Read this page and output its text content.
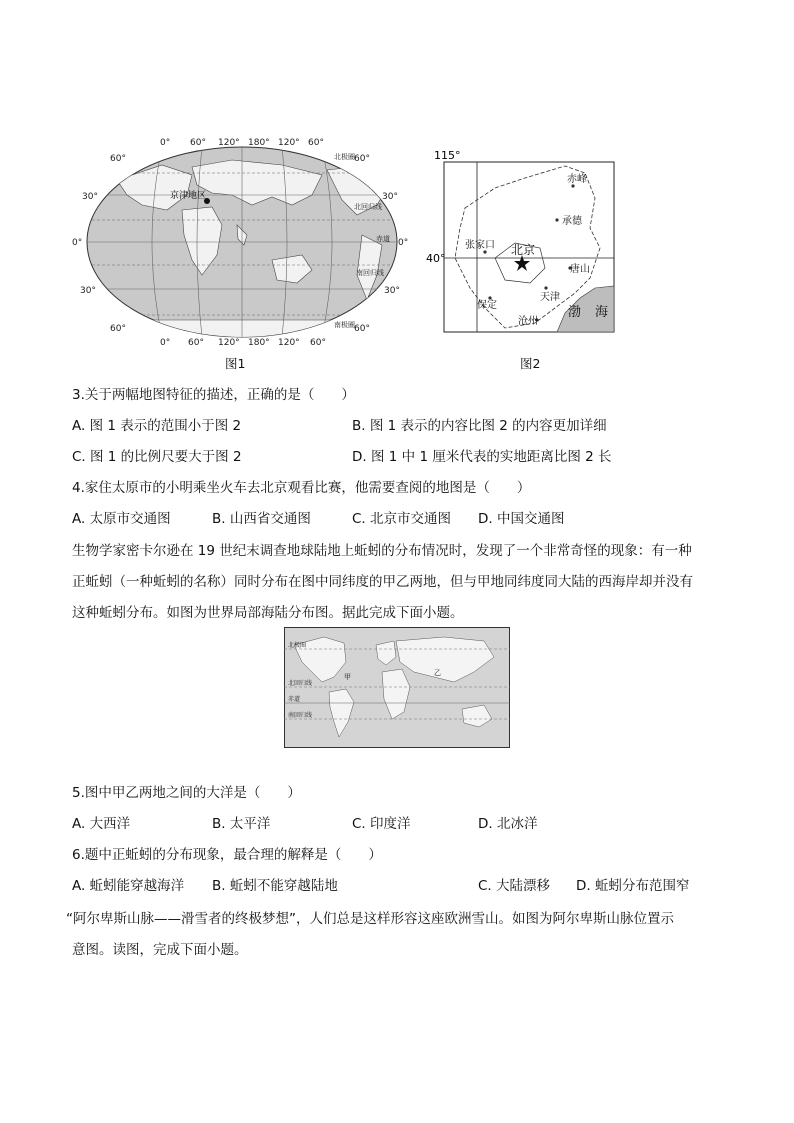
京津地区
0° 60° 120° 180° 120° 60°
0° 60° 120° 180° 120° 60°
60°
30°
0°
30°
60°
60°
30°
0°
30°
60°
北极圈
北回归线
赤道
南回归线
南极圈
图1
115°
40°
赤峰
承德
张家口 北京
唐山
天津
保定
沧州
渤 海
图2
3.关于两幅地图特征的描述，正确的是（　　）
A. 图 1 表示的范围小于图 2	B. 图 1 表示的内容比图 2 的内容更加详细
C. 图 1 的比例尺要大于图 2	D. 图 1 中 1 厘米代表的实地距离比图 2 长
4.家住太原市的小明乘坐火车去北京观看比赛，他需要查阅的地图是（　　）
A. 太原市交通图	B. 山西省交通图	C. 北京市交通图 D. 中国交通图
生物学家密卡尔逊在 19 世纪末调查地球陆地上蚯蚓的分布情况时，发现了一个非常奇怪的现象：有一种
正蚯蚓（一种蚯蚓的名称）同时分布在图中同纬度的甲乙两地，但与甲地同纬度同大陆的西海岸却并没有
这种蚯蚓分布。如图为世界局部海陆分布图。据此完成下面小题。
北极圈
北回归线
赤道
南回归线
甲	乙
5.图中甲乙两地之间的大洋是（　　）
A. 大西洋	B. 太平洋	C. 印度洋	D. 北冰洋
6.题中正蚯蚓的分布现象，最合理的解释是（　　）
A. 蚯蚓能穿越海洋 B. 蚯蚓不能穿越陆地	C. 大陆漂移 D. 蚯蚓分布范围窄
“阿尔卑斯山脉——滑雪者的终极梦想”，人们总是这样形容这座欧洲雪山。如图为阿尔卑斯山脉位置示
意图。读图，完成下面小题。
